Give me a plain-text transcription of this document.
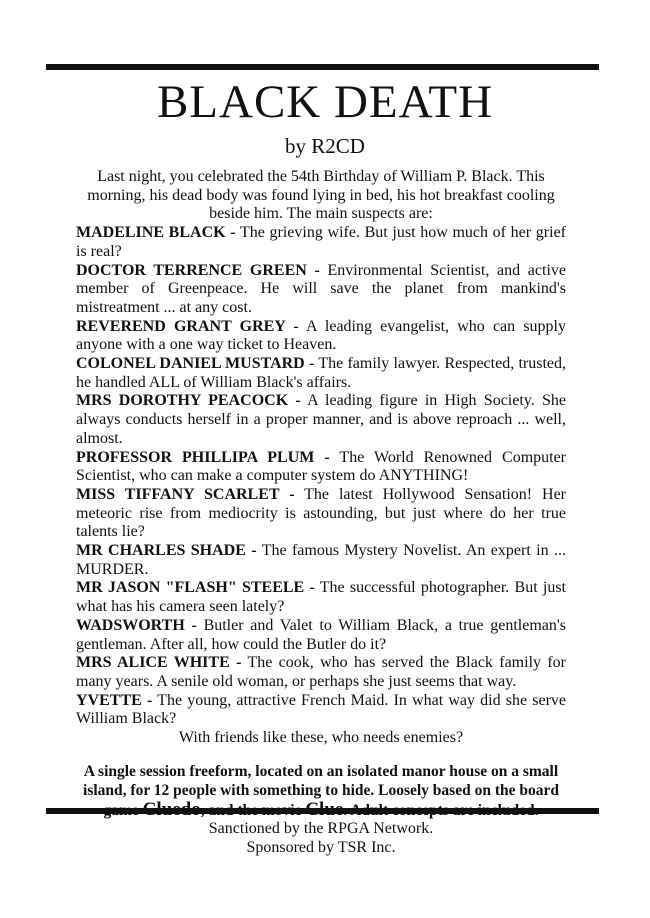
BLACK DEATH
by R2CD

Last night, you celebrated the 54th Birthday of William P. Black. This morning, his dead body was found lying in bed, his hot breakfast cooling beside him. The main suspects are:

MADELINE BLACK - The grieving wife. But just how much of her grief is real?

DOCTOR TERRENCE GREEN - Environmental Scientist, and active member of Greenpeace. He will save the planet from mankind's mistreatment ... at any cost.

REVEREND GRANT GREY - A leading evangelist, who can supply anyone with a one way ticket to Heaven.

COLONEL DANIEL MUSTARD - The family lawyer. Respected, trusted, he handled ALL of William Black's affairs.

MRS DOROTHY PEACOCK - A leading figure in High Society. She always conducts herself in a proper manner, and is above reproach ... well, almost.

PROFESSOR PHILLIPA PLUM - The World Renowned Computer Scientist, who can make a computer system do ANYTHING!

MISS TIFFANY SCARLET - The latest Hollywood Sensation! Her meteoric rise from mediocrity is astounding, but just where do her true talents lie?

MR CHARLES SHADE - The famous Mystery Novelist. An expert in ... MURDER.

MR JASON "FLASH" STEELE - The successful photographer. But just what has his camera seen lately?

WADSWORTH - Butler and Valet to William Black, a true gentleman's gentleman. After all, how could the Butler do it?

MRS ALICE WHITE - The cook, who has served the Black family for many years. A senile old woman, or perhaps she just seems that way.

YVETTE - The young, attractive French Maid. In what way did she serve William Black?

With friends like these, who needs enemies?

A single session freeform, located on an isolated manor house on a small island, for 12 people with something to hide. Loosely based on the board

Sanctioned by the RPGA Network.

Sponsored by TSR Inc.
